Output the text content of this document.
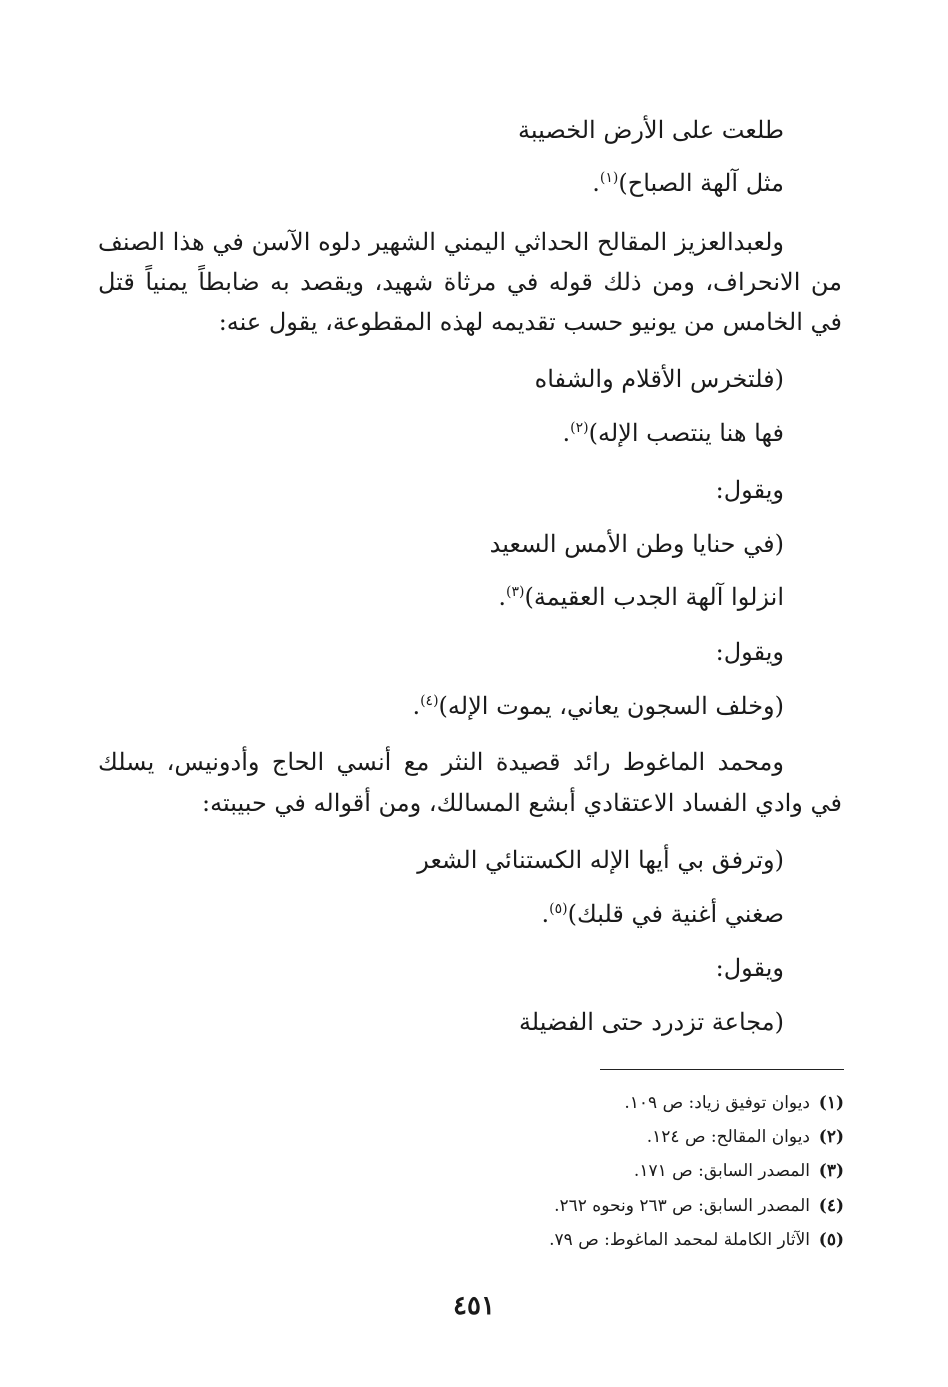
طلعت على الأرض الخصيبة

مثل آلهة الصباح)$^{(١)}$.

ولعبدالعزيز المقالح الحداثي اليمني الشهير دلوه الآسن في هذا الصنف

من الانحراف، ومن ذلك قوله في مرثاة شهيد، ويقصد به ضابطاً يمنياً قتل

في الخامس من يونيو حسب تقديمه لهذه المقطوعة، يقول عنه:

(فلتخرس الأقلام والشفاه

فها هنا ينتصب الإله)$^{(٢)}$.

ويقول:

(في حنايا وطن الأمس السعيد

انزلوا آلهة الجدب العقيمة)$^{(٣)}$.

ويقول:

(وخلف السجون يعاني، يموت الإله)$^{(٤)}$.

ومحمد الماغوط رائد قصيدة النثر مع أنسي الحاج وأدونيس، يسلك

في وادي الفساد الاعتقادي أبشع المسالك، ومن أقواله في حبيبته:

(وترفق بي أيها الإله الكستنائي الشعر

صغني أغنية في قلبك)$^{(٥)}$.

ويقول:

(مجاعة تزدرد حتى الفضيلة

(١)ديوان توفيق زياد: ص ١٠٩.
(٢)ديوان المقالح: ص ١٢٤.
(٣)المصدر السابق: ص ١٧١.
(٤)المصدر السابق: ص ٢٦٣ ونحوه ٢٦٢.
(٥)الآثار الكاملة لمحمد الماغوط: ص ٧٩.
٤٥١
